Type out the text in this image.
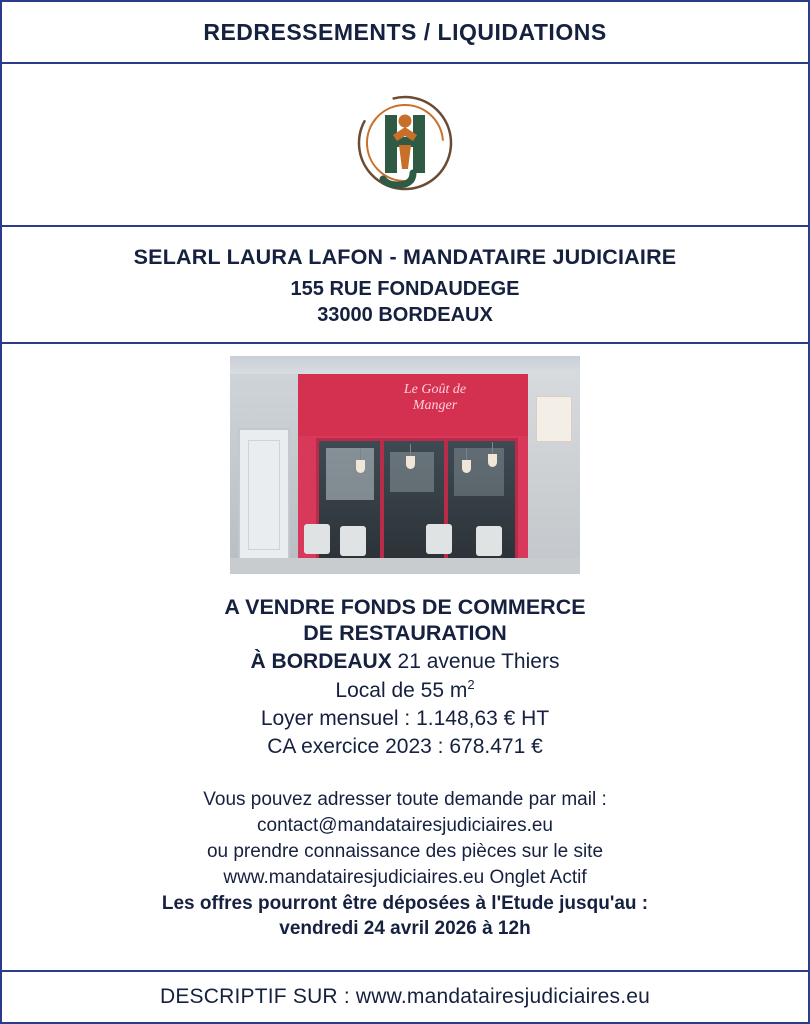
REDRESSEMENTS / LIQUIDATIONS
SELARL LAURA LAFON - MANDATAIRE JUDICIAIRE
155 RUE FONDAUDEGE
33000 BORDEAUX
Le Goût de Manger
A VENDRE FONDS DE COMMERCE
DE RESTAURATION
À BORDEAUX 21 avenue Thiers
Local de 55 $m^2$
Loyer mensuel : 1.148,63 € HT
CA exercice 2023 : 678.471 €
Vous pouvez adresser toute demande par mail :
contact@mandatairesjudiciaires.eu
ou prendre connaissance des pièces sur le site
www.mandatairesjudiciaires.eu Onglet Actif
Les offres pourront être déposées à l'Etude jusqu'au :
vendredi 24 avril 2026 à 12h
DESCRIPTIF SUR : www.mandatairesjudiciaires.eu
